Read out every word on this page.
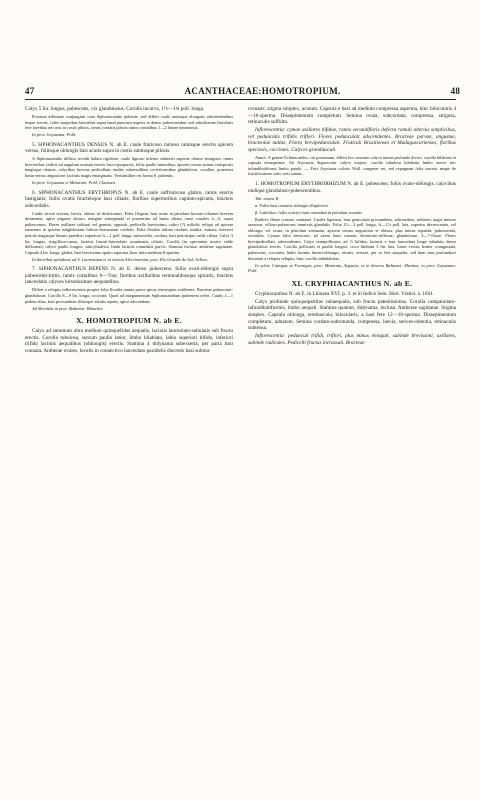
47	ACANTHACEAE: HOMOTROPIUM.	48

Calyx 5 lin. longus, pubescens, vix glandulosus. Corolla incurva, 1½—1¾ poll. longa.

Proxima affinitate conjungitur cum Siphonacantho pubente, sed differt caule ramisque elongatis adscendentibus neque erectis, foliis majoribus latioribus supra haud punctato-asperis et denso pubescentibus sed subtilissime lineolatis fere laevibus nec nisi in costis pilosis, ramis cordatis pilosis ramis contatibus 1—2 lineae tomentosis.

In prov. Goyazana: Pohl.

5. SIPHONACANTHUS DENSUS N. ab E. caule fruticoso ramoso ramisque erectis apicem versus, foliisque oblongis basi acutis supra in costis subtusque pilosis.

A Siphonacantho diffuso recedit habitu rigidiore, caule lignoso inferne subtereti superne obtuse tetragono, ramis brevioribus crebris ad angulum acutum erectis fusco-purpureis, foliis paullo minoribus, apicem versus minus conspicuis magisque obtusis, calycibus brevius pedicellatis multis subsessilibus reviviformibus glandulosis, corollae, praeterea basin versus angustiore, laciniis magis emarginatis. Verisimiliter est forma S. pubentis.

In prov. Goyazana et Minarum: Pohl, Claussen.

6. SIPHONACANTHUS ERYTHROPUS N. ab E. caule suffruticoso glabro, ramis erectis fastigiatis; foliis ovatis bracteisque basi ciliatis; floribus superioribus capitato-spicatis, bracteis subcordatis.

Caulis stricte erectus, laevis, obtuse tri-dichotomus. Folia Origani, basi acute in petiolum hirsuto-ciliatum brevem desinentia, apice anguste obtuso, margine subrepanda et praesertim ad basin ciliata, rami costales 4—5, supra pubescentes. Flores axillares solitarii vel gemini, oppositi, pedicello brevissimo, rubro (?) suffulti; reliqui ad apicem ramorum in spicam subglobosam folioso-bracteatam conferti. Folia floralia infima caulinis similia, minora, breviori petiolo magisque hirsuto praedita; superiora ¾—1 poll. longa, subsessilia, cordata, basi petioloque valde ciliata. Calyx 3 lin. longus, strigilloso-canus, laciniis lineari-lanceolatis acuminatis ciliatis. Corolla (in specimine nostro valde defloratas) calyce paullo longior, subcylindrica, limbi laciniis rotundatis parvis. Stamina inclusa; antherae sagittatae. Capsula 4 lin. longa, glabra, basi brevissimo spatio asperma, hinc infra medium 6-sperma.

In littoribus paludosis ad S. Laurentium et in vicinia Alecrimorum, prov. Rio Grande do Sul: Sellow.

7. SIPHONACANTHUS REPENS N. ab E. denso pubescens; foliis ovali-oblongis supra pubescenti-hirtis, ramis costalibus 6—7nis; floribus axillaribus terminalibusque spicatis, bracteis lanceolatis calyces hirsutissimos aequantibus.

Differt a reliquis inflorescentia propter folia floralia omnia parva spicas interruptas exhibente. Bracteae pubescenti-glandulosae. Corolla 8—9 lin. longa, coccinea. Quod ad integumentum Siphonacanthum pubentem refert. Caulis 1—1 pedem altus, basi procumbens fibrisque validis repens, apice adscendens.

Ad Moritiba in prov. Bahiensi: Blanchet.

X. HOMOTROPIUM N. ab E.

Calyx ad summum ultra medium quinquefidus aequalis, laciniis lanceolato-subulatis sub fructu erectis. Corolla tubulosa, sursum paullo latior, limbo bilabiato, labio superiori bifido, inferiori trifido laciniis aequalibus (obliongis) erectis. Stamina 4 didynama subexserta, per paria basi connata. Antherae ovales, loculis in connectivo lanceolato parallelis discretis basi submu-

cronatis; stigma simplex, acutum. Capsula e basi ad medium compressa asperma, hinc bilocularis 4—16-sperma. Dissepimentum completum. Semina ovata, subcordata, compressa, strigosa, retinaculis suffulta.

Inflorescentia: cymae axillares bifidae, ramis secundifloris defectu ramuli alterius simplicibus, vel pedunculis trifidis triflori. Flores pedunculati adscendentes. Bracteae parvae, angustae, bracteolae nullae. Flores brevipedunculati. Fruticuli Brasilienses et Madagascarienses, floribus speciosis, coccineis. Calyces grandiusculi.

Annot. A genere Echinacantho, cui proximum, differt hoc nostrum calyce minus profunde diviso, corolla bilabiata et capsula tetrasperma. Ab Asystasia dignoscitur calyce majore, corolla tubulosa bilabiata limbo erecto nec infundibuliformi limbo patulo. — Fors Asystasia coloris Wall. congener est, sed repugnant folia serrata, neque de fructificatione satis certi sumus.

1. HOMOTROPIUM ERYTHRORHIZUM N. ab E. pubescens; foliis ovato-oblongis, calycibus undique glanduloso-pubescentibus.

Tab. nostra II.

α. Foliis basi cuneatis oblongis ellipticisve.

β. Latifolius: foliis ovatis e basi rotundata in petiolum acutatis.

Radices fibrae crassae, miniatae. Caules lignosus, basi geniculata procumbens, adscendens, subteres, angis minore ramosus, villoso-pubescens immixtis glandulis. Folia 1½—3 poll. longa, ¾—1½ poll. lata, superius decrescentia, vel oblonga, vel ovata, in petiolum attenuata, apicem versus angustiora et obtusa, plus minus repanda, pubescentia, viscidula. Cymae folio breviores, ad axem latus crassae, divaricato-reflexae, glandulosae, 3—7-florae. Flores brevipedicellati, adscendentes. Calyx semipollicaris, ad ⅓ bifidus, laciniis e basi lanceolata longe subulatis dense glandulosis erectis. Corolla pollicaris et paullo longior, circa limbum 3 lin. lata, basin versus leniter coangustata, pubescens, coccinea, limbi laciniis lineari-oblongis, retusis, erectae, per se fere aequales, sed dum sinu profundiori discretae a reliquis reliquis; hinc corolla subbilabiata.

In sylvis Catingas at Formigas, prov. Minarum, Augusto; et in deserto Bahiensi: Martius; in prov. Goyazana: Pohl.

XI. CRYPHIACANTHUS N. ab E.

Cryphiacanthus N. ab E. in Linnaea XVI. p. 3. et in Indice Sem. Hort. Vratisl. a. 1841.

Calyx profunde quinquepartitus subaequalis, sub fructu patentissimus. Corolla campanulato-infundibuliformis, limbo aequali. Stamina quatuor, didynama, inclusa. Antherae sagittatae. Stigma simplex. Capsula oblonga, teretiuscula, bilocularis, a basi fere 12—16-sperma. Dissepimentum completum, adnatum. Semina cordato-subrotunda, compressa, laevia, sericeo-nitentia, retinaculis subtensa.

Inflorescentia: pedunculi trifidi, triflori, plus minus elongati, subinde brevissimi, axillares, subinde radicales. Pedicelli fructus incrassati. Bracteae
